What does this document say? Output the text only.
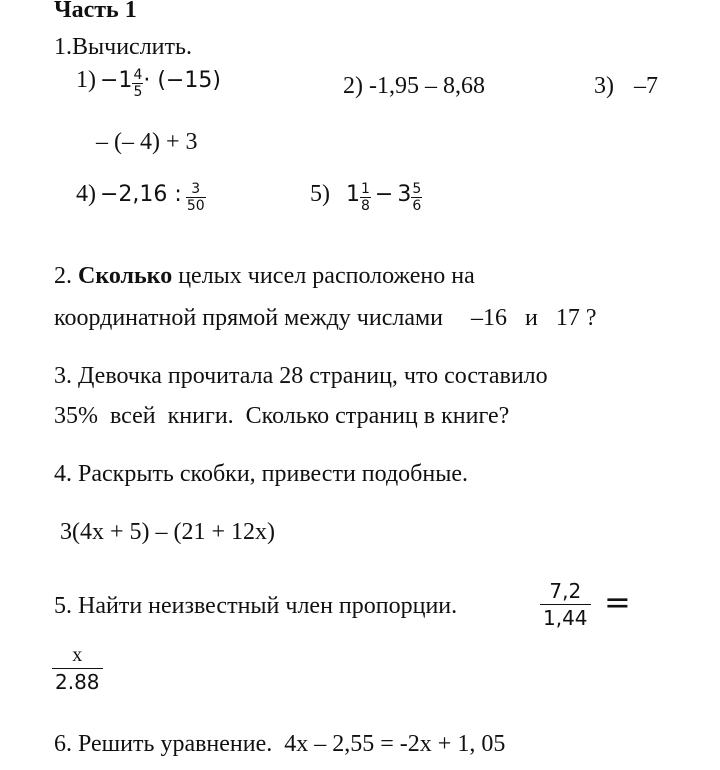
Часть 1
1.Вычислить.
$1) -1 \frac{4}{5} \cdot (-15)$	2) -1,95 – 8,68	3) –7
– (– 4) + 3
4) −2,16 : $\frac{3}{50}$	5) $1 \frac{1}{8} - 3 \frac{5}{6}$
2. Сколько целых чисел расположено на
координатной прямой между числами –16 и 17 ?
3. Девочка прочитала 28 страниц, что составило
35%  всей  книги.  Сколько страниц в книге?
4. Раскрыть скобки, привести подобные.
3(4x + 5) – (21 + 12x)
5. Найти неизвестный член пропорции.	$\frac{7,2}{1,44}$ =
$\frac{x}{2.88}$
6. Решить уравнение.  4x – 2,55 = -2x + 1, 05
